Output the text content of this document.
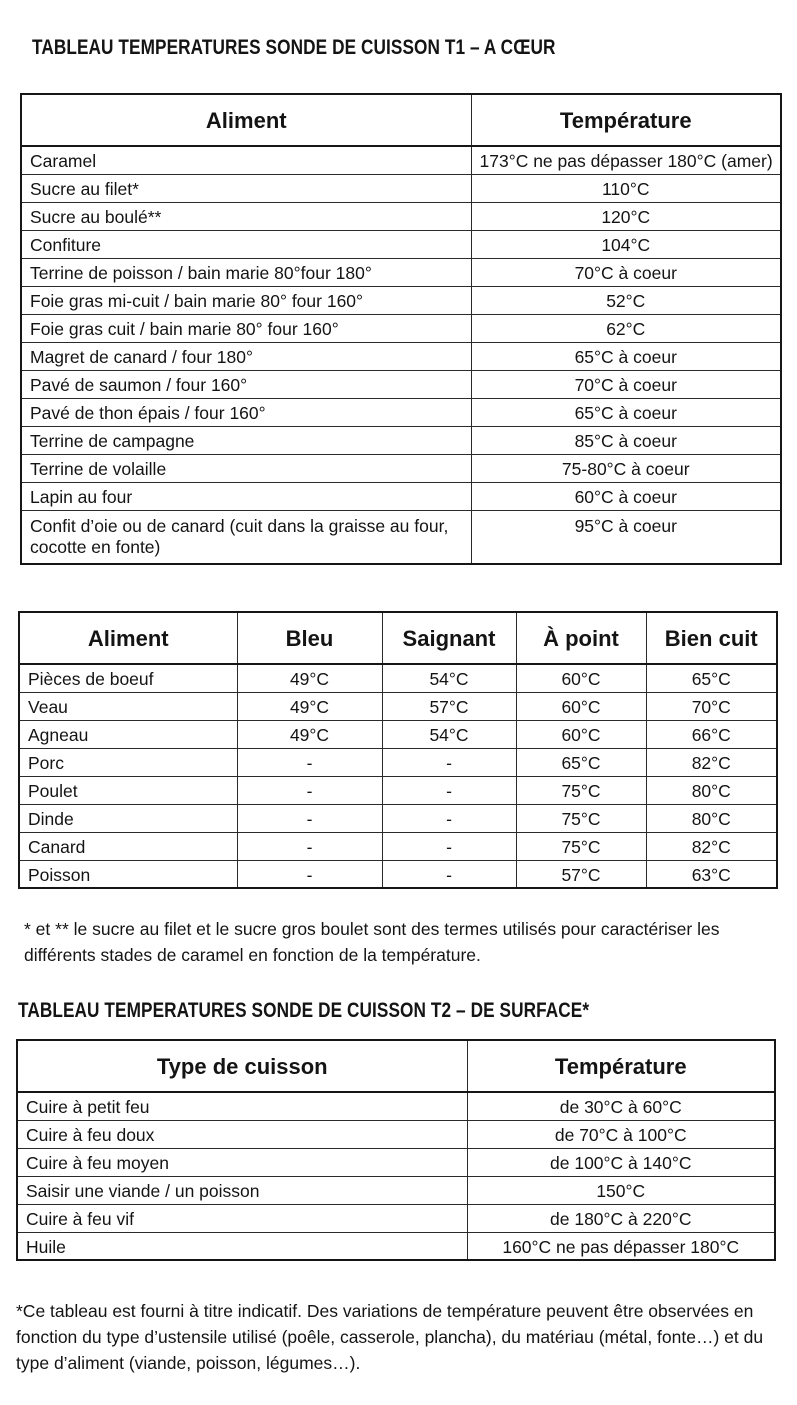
TABLEAU TEMPERATURES SONDE DE CUISSON T1 – A CŒUR
Aliment	Température
Caramel	173°C ne pas dépasser 180°C (amer)
Sucre au filet*	110°C
Sucre au boulé**	120°C
Confiture	104°C
Terrine de poisson / bain marie 80°four 180°	70°C à coeur
Foie gras mi-cuit / bain marie 80° four 160°	52°C
Foie gras cuit / bain marie 80° four 160°	62°C
Magret de canard / four 180°	65°C à coeur
Pavé de saumon / four 160°	70°C à coeur
Pavé de thon épais / four 160°	65°C à coeur
Terrine de campagne	85°C à coeur
Terrine de volaille	75-80°C à coeur
Lapin au four	60°C à coeur
Confit d’oie ou de canard (cuit dans la graisse au four, cocotte en fonte)	95°C à coeur
Aliment	Bleu	Saignant	À point	Bien cuit
Pièces de boeuf	49°C	54°C	60°C	65°C
Veau	49°C	57°C	60°C	70°C
Agneau	49°C	54°C	60°C	66°C
Porc	-	-	65°C	82°C
Poulet	-	-	75°C	80°C
Dinde	-	-	75°C	80°C
Canard	-	-	75°C	82°C
Poisson	-	-	57°C	63°C

* et ** le sucre au filet et le sucre gros boulet sont des termes utilisés pour caractériser les différents stades de caramel en fonction de la température.

TABLEAU TEMPERATURES SONDE DE CUISSON T2 – DE SURFACE*
Type de cuisson	Température
Cuire à petit feu	de 30°C à 60°C
Cuire à feu doux	de 70°C à 100°C
Cuire à feu moyen	de 100°C à 140°C
Saisir une viande / un poisson	150°C
Cuire à feu vif	de 180°C à 220°C
Huile	160°C ne pas dépasser 180°C

*Ce tableau est fourni à titre indicatif. Des variations de température peuvent être observées en fonction du type d’ustensile utilisé (poêle, casserole, plancha), du matériau (métal, fonte…) et du type d’aliment (viande, poisson, légumes…).
